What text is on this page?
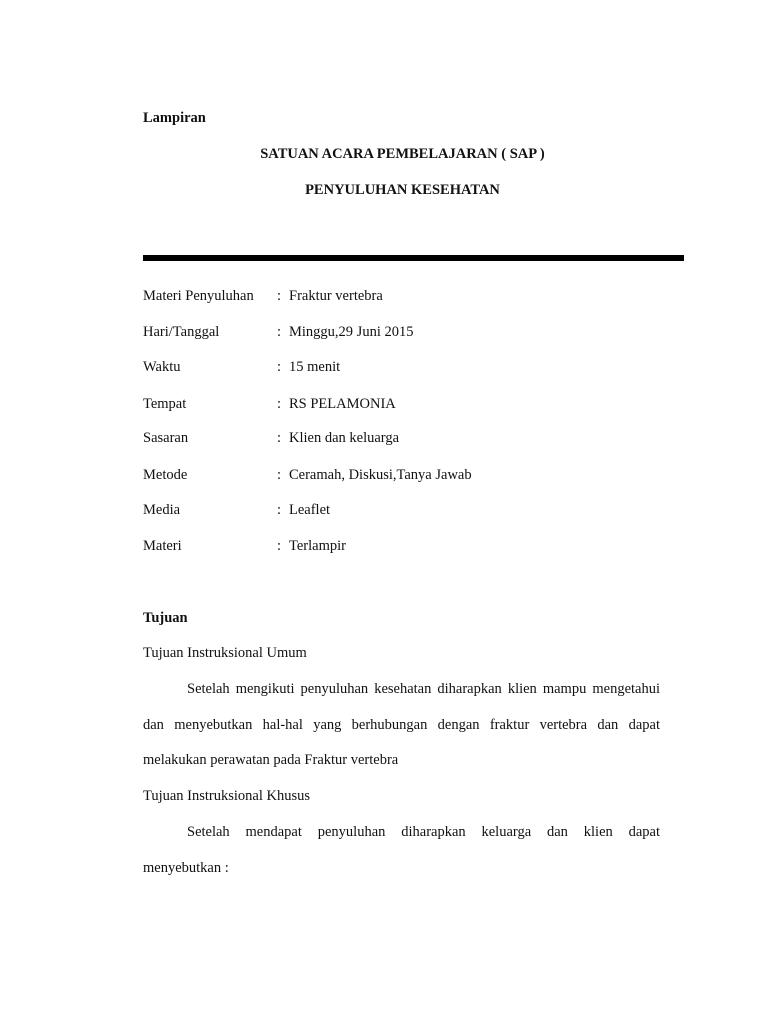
Lampiran
SATUAN ACARA PEMBELAJARAN ( SAP )
PENYULUHAN KESEHATAN
Materi Penyuluhan : Fraktur vertebra
Hari/Tanggal	: Minggu,29 Juni 2015
Waktu	: 15 menit
Tempat	: RS PELAMONIA
Sasaran	: Klien dan keluarga
Metode	: Ceramah, Diskusi,Tanya Jawab
Media	: Leaflet
Materi	: Terlampir
Tujuan
Tujuan Instruksional Umum
Setelah mengikuti penyuluhan kesehatan diharapkan klien mampu mengetahui
dan menyebutkan hal-hal yang berhubungan dengan fraktur vertebra dan dapat
melakukan perawatan pada Fraktur vertebra
Tujuan Instruksional Khusus
Setelah mendapat penyuluhan diharapkan keluarga dan klien dapat
menyebutkan :
